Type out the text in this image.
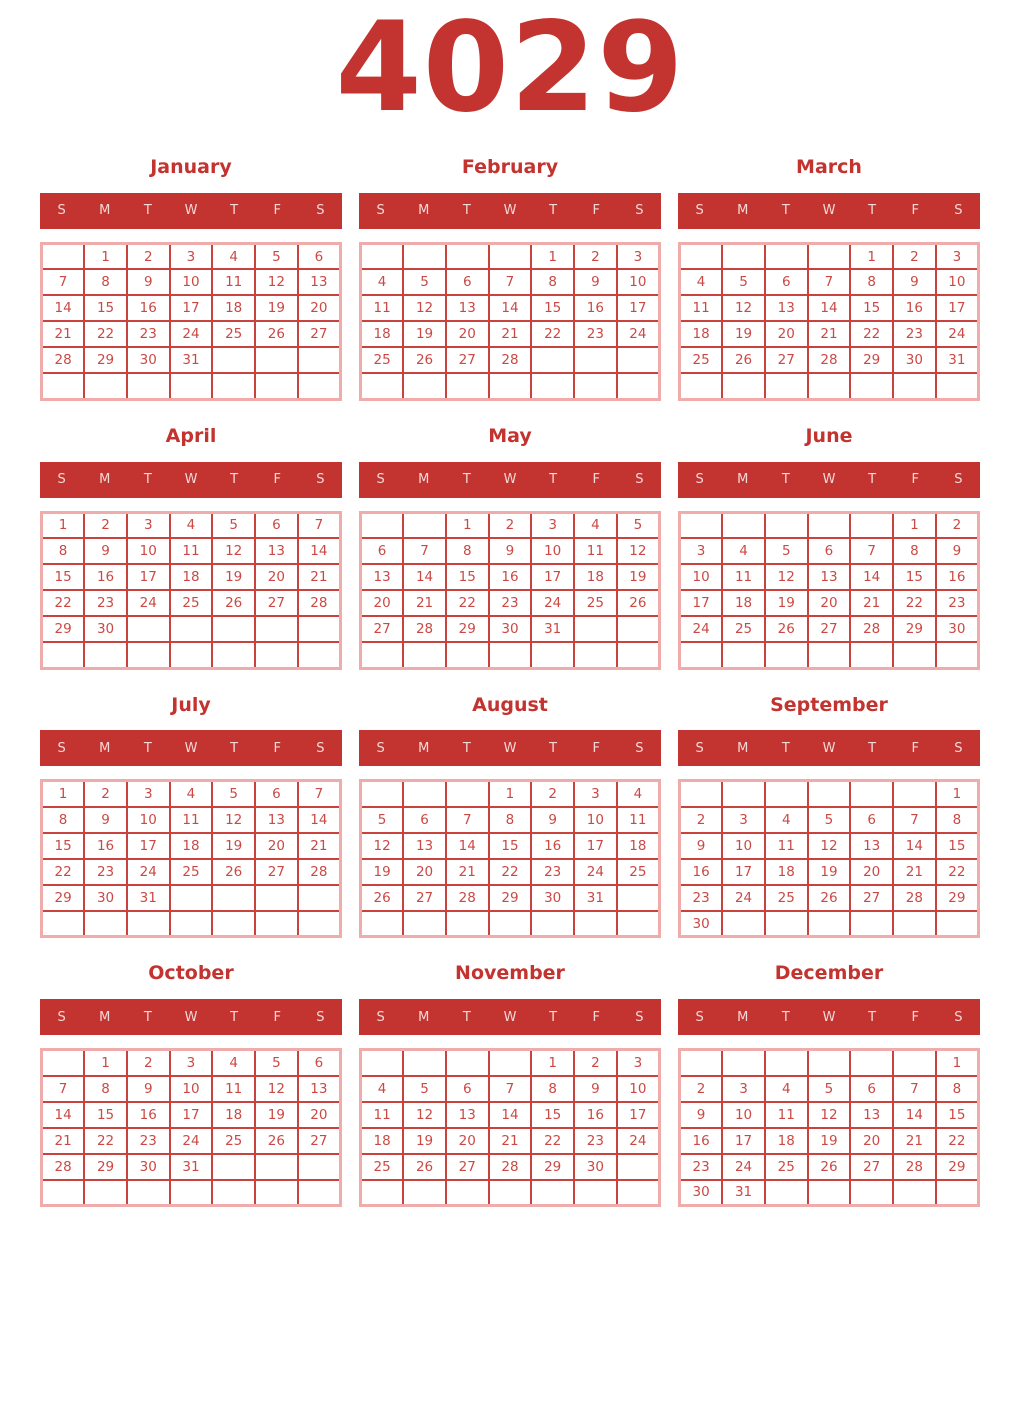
4029
January
S	M	T	W	T	F	S
	1	2	3	4	5	6
7	8	9	10	11	12	13
14	15	16	17	18	19	20
21	22	23	24	25	26	27
28	29	30	31			

February
S	M	T	W	T	F	S
				1	2	3
4	5	6	7	8	9	10
11	12	13	14	15	16	17
18	19	20	21	22	23	24
25	26	27	28			

March
S	M	T	W	T	F	S
				1	2	3
4	5	6	7	8	9	10
11	12	13	14	15	16	17
18	19	20	21	22	23	24
25	26	27	28	29	30	31

April
S	M	T	W	T	F	S
1	2	3	4	5	6	7
8	9	10	11	12	13	14
15	16	17	18	19	20	21
22	23	24	25	26	27	28
29	30					

May
S	M	T	W	T	F	S
		1	2	3	4	5
6	7	8	9	10	11	12
13	14	15	16	17	18	19
20	21	22	23	24	25	26
27	28	29	30	31		

June
S	M	T	W	T	F	S
					1	2
3	4	5	6	7	8	9
10	11	12	13	14	15	16
17	18	19	20	21	22	23
24	25	26	27	28	29	30

July
S	M	T	W	T	F	S
1	2	3	4	5	6	7
8	9	10	11	12	13	14
15	16	17	18	19	20	21
22	23	24	25	26	27	28
29	30	31				

August
S	M	T	W	T	F	S
			1	2	3	4
5	6	7	8	9	10	11
12	13	14	15	16	17	18
19	20	21	22	23	24	25
26	27	28	29	30	31	

September
S	M	T	W	T	F	S
						1
2	3	4	5	6	7	8
9	10	11	12	13	14	15
16	17	18	19	20	21	22
23	24	25	26	27	28	29
30						
October
S	M	T	W	T	F	S
	1	2	3	4	5	6
7	8	9	10	11	12	13
14	15	16	17	18	19	20
21	22	23	24	25	26	27
28	29	30	31			

November
S	M	T	W	T	F	S
				1	2	3
4	5	6	7	8	9	10
11	12	13	14	15	16	17
18	19	20	21	22	23	24
25	26	27	28	29	30	

December
S	M	T	W	T	F	S
						1
2	3	4	5	6	7	8
9	10	11	12	13	14	15
16	17	18	19	20	21	22
23	24	25	26	27	28	29
30	31					
